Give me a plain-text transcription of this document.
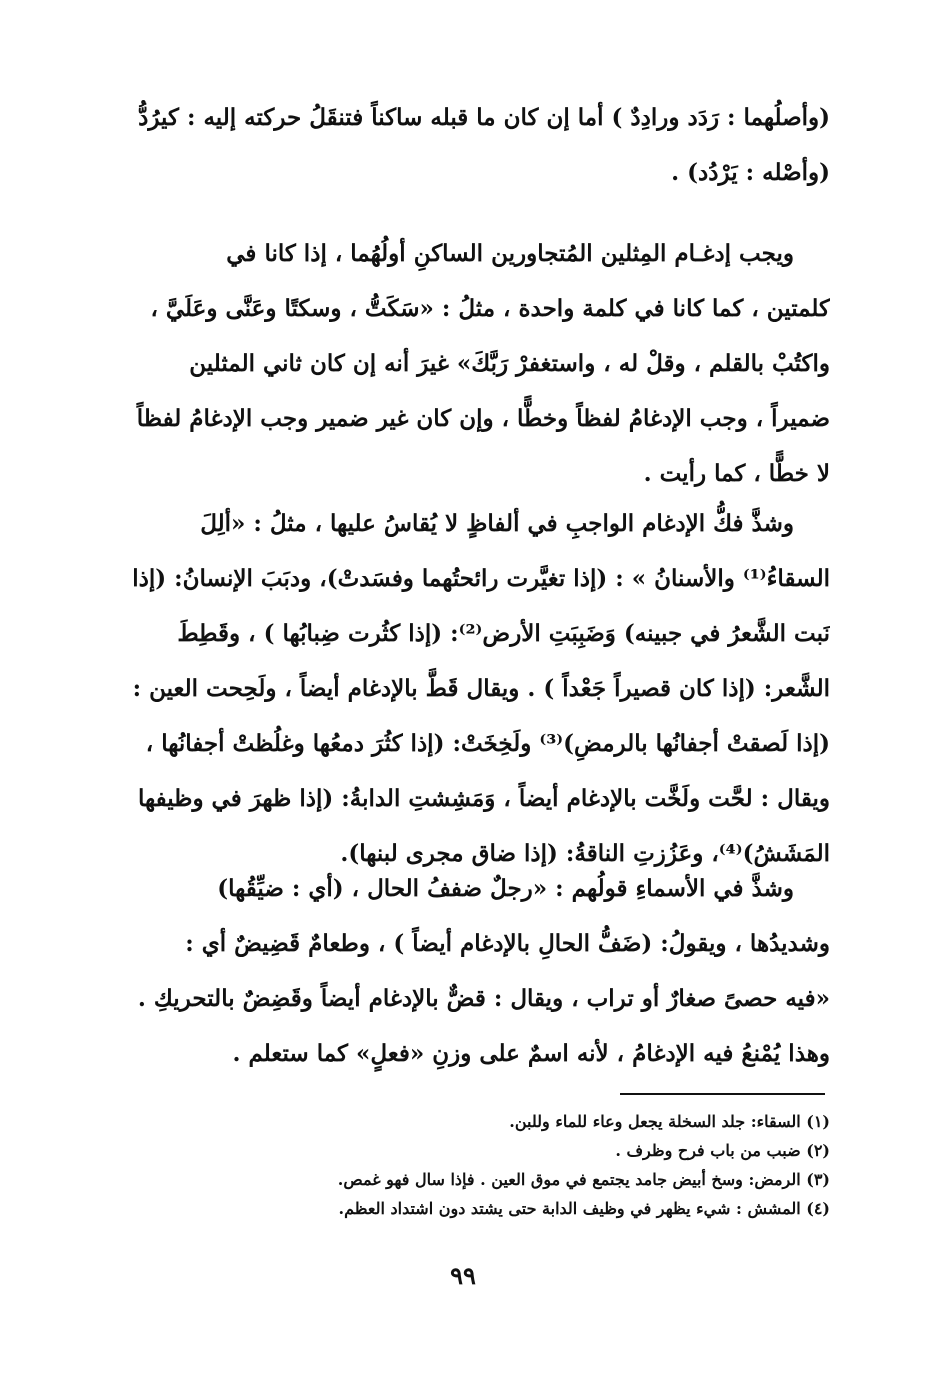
(وأصلُهما : رَدَد ورادِدٌ ) أما إن كان ما قبله ساكناً فتنقَلُ حركته إليه : كيرُدُّ
(وأصْله : يَرْدُد) .
ويجب إدغـام المِثلين المُتجاورين الساكنِ أولُهُما ، إذا كانا في
كلمتين ، كما كانا في كلمة واحدة ، مثلُ : «سَكَتُّ ، وسكتًا وعَنَّى وعَلَيَّ ،
واكتُبْ بالقلم ، وقلْ له ، واستغفرْ رَبَّكَ» غيرَ أنه إن كان ثاني المثلين
ضميراً ، وجب الإدغامُ لفظاً وخطًّا ، وإن كان غير ضمير وجب الإدغامُ لفظاً
لا خطًّا ، كما رأيت .
وشذَّ فكُّ الإدغام الواجبِ في ألفاظٍ لا يُقاسُ عليها ، مثلُ : «ألِلَ
السقاءُ⁽¹⁾ والأسنانُ » : (إذا تغيَّرت رائحتُهما وفسَدتْ)، ودبَبَ الإنسانُ: (إذا
نَبت الشَّعرُ في جبينه) وَضَبِبَتِ الأرض⁽²⁾: (إذا كثُرت ضِبابُها ) ، وقَطِطَ
الشَّعر: (إذا كان قصيراً جَعْداً ) . ويقال قَطَّ بالإدغام أيضاً ، ولَحِحت العين :
(إذا لَصقتْ أجفانُها بالرمضِ)⁽³⁾ ولَخِخَتْ: (إذا كثُرَ دمعُها وغلُظتْ أجفانُها ،
ويقال : لحَّت ولَخَّت بالإدغام أيضاً ، وَمَشِشتِ الدابةُ: (إذا ظهرَ في وظيفها
المَشَشُ)⁽⁴⁾، وعَزُزتِ الناقةُ: (إذا ضاق مجرى لبنها).
وشذَّ في الأسماءِ قولُهم : «رجلٌ ضففُ الحال ، (أي : ضيِّقُها)
وشديدُها ، ويقولُ: (ضَفُّ الحالِ بالإدغام أيضاً ) ، وطعامٌ قَضِيضٌ أي :
«فيه حصىً صغارٌ أو تراب ، ويقال : قضٌّ بالإدغام أيضاً وقَضِضٌ بالتحريكِ .
وهذا يُمْنعُ فيه الإدغامُ ، لأنه اسمٌ على وزنِ «فعلٍ» كما ستعلم .
(١) السقاء: جلد السخلة يجعل وعاء للماء وللبن.
(٢) ضبب من باب فرح وظرف .
(٣) الرمض: وسخ أبيض جامد يجتمع في موق العين . فإذا سال فهو غمص.
(٤) المشش : شيء يظهر في وظيف الدابة حتى يشتد دون اشتداد العظم.
٩٩
